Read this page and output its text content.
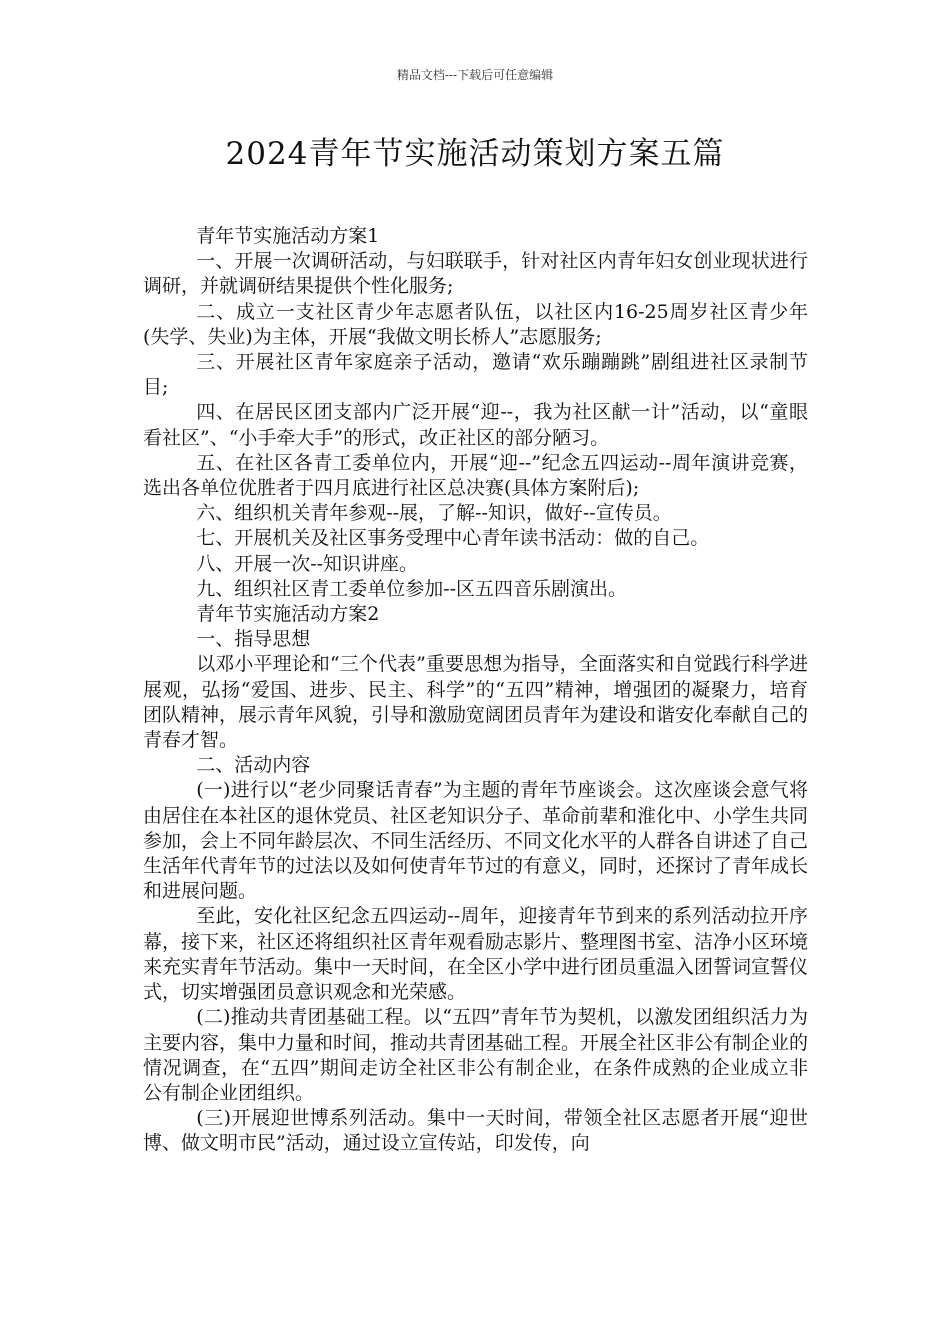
精品文档---下载后可任意编辑
2024青年节实施活动策划方案五篇

青年节实施活动方案1

一、开展一次调研活动，与妇联联手，针对社区内青年妇女创业现状进行调研，并就调研结果提供个性化服务;

二、成立一支社区青少年志愿者队伍，以社区内16-25周岁社区青少年(失学、失业)为主体，开展“我做文明长桥人”志愿服务;

三、开展社区青年家庭亲子活动，邀请“欢乐蹦蹦跳”剧组进社区录制节目;

四、在居民区团支部内广泛开展“迎--，我为社区献一计”活动，以“童眼看社区”、“小手牵大手”的形式，改正社区的部分陋习。

五、在社区各青工委单位内，开展“迎--”纪念五四运动--周年演讲竞赛，选出各单位优胜者于四月底进行社区总决赛(具体方案附后);

六、组织机关青年参观--展，了解--知识，做好--宣传员。

七、开展机关及社区事务受理中心青年读书活动：做的自己。

八、开展一次--知识讲座。

九、组织社区青工委单位参加--区五四音乐剧演出。

青年节实施活动方案2

一、指导思想

以邓小平理论和“三个代表”重要思想为指导，全面落实和自觉践行科学进展观，弘扬“爱国、进步、民主、科学”的“五四”精神，增强团的凝聚力，培育团队精神，展示青年风貌，引导和激励宽阔团员青年为建设和谐安化奉献自己的青春才智。

二、活动内容

(一)进行以“老少同聚话青春”为主题的青年节座谈会。这次座谈会意气将由居住在本社区的退休党员、社区老知识分子、革命前辈和淮化中、小学生共同参加，会上不同年龄层次、不同生活经历、不同文化水平的人群各自讲述了自己生活年代青年节的过法以及如何使青年节过的有意义，同时，还探讨了青年成长和进展问题。

至此，安化社区纪念五四运动--周年，迎接青年节到来的系列活动拉开序幕，接下来，社区还将组织社区青年观看励志影片、整理图书室、洁净小区环境来充实青年节活动。集中一天时间，在全区小学中进行团员重温入团誓词宣誓仪式，切实增强团员意识观念和光荣感。

(二)推动共青团基础工程。以“五四”青年节为契机，以激发团组织活力为主要内容，集中力量和时间，推动共青团基础工程。开展全社区非公有制企业的情况调查，在“五四”期间走访全社区非公有制企业，在条件成熟的企业成立非公有制企业团组织。

(三)开展迎世博系列活动。集中一天时间，带领全社区志愿者开展“迎世博、做文明市民”活动，通过设立宣传站，印发传，向
